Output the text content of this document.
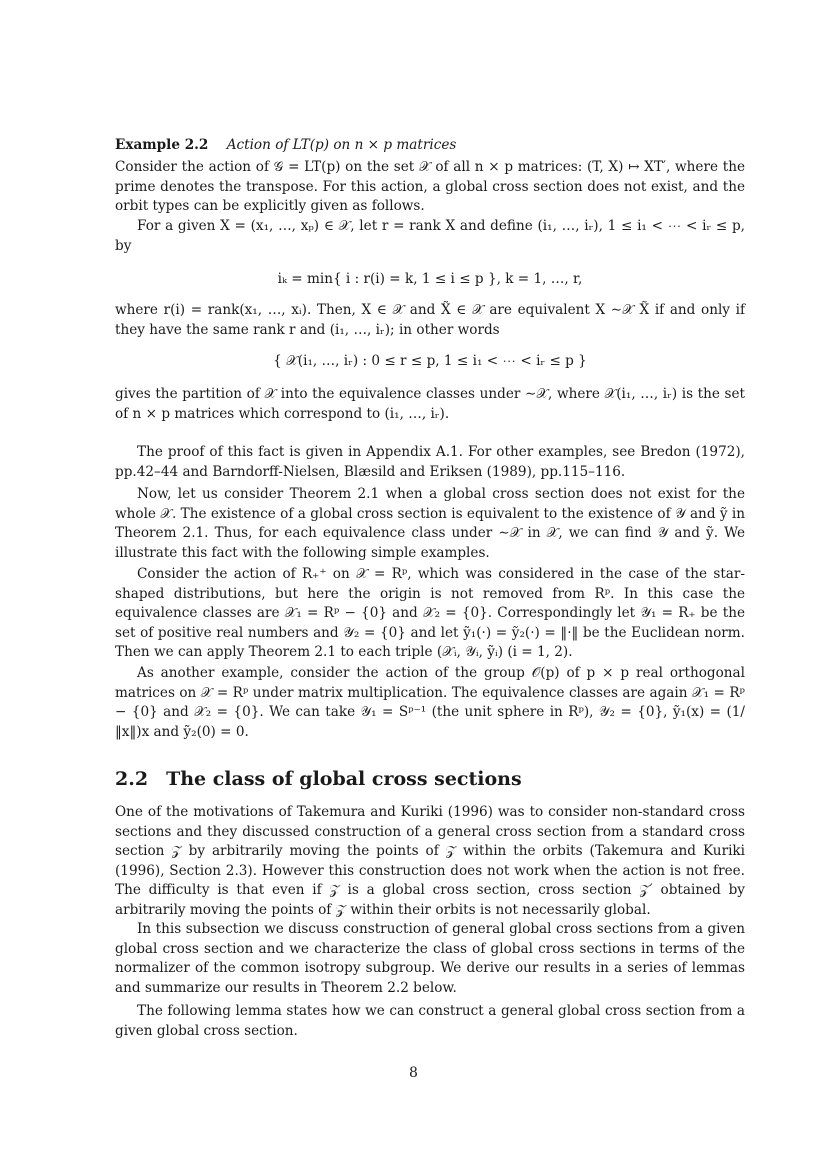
Example 2.2 Action of LT(p) on n × p matrices

Consider the action of 𝒢 = LT(p) on the set 𝒳 of all n × p matrices: (T, X) ↦ XT′, where the prime denotes the transpose. For this action, a global cross section does not exist, and the orbit types can be explicitly given as follows.

For a given X = (x₁, …, xₚ) ∈ 𝒳, let r = rank X and define (i₁, …, iᵣ), 1 ≤ i₁ < ⋯ < iᵣ ≤ p, by

iₖ = min{ i : r(i) = k, 1 ≤ i ≤ p }, k = 1, …, r,

where r(i) = rank(x₁, …, xᵢ). Then, X ∈ 𝒳 and X̃ ∈ 𝒳 are equivalent X ∼𝒳 X̃ if and only if they have the same rank r and (i₁, …, iᵣ); in other words

{ 𝒳(i₁, …, iᵣ) : 0 ≤ r ≤ p, 1 ≤ i₁ < ⋯ < iᵣ ≤ p }

gives the partition of 𝒳 into the equivalence classes under ∼𝒳, where 𝒳(i₁, …, iᵣ) is the set of n × p matrices which correspond to (i₁, …, iᵣ).

The proof of this fact is given in Appendix A.1. For other examples, see Bredon (1972), pp.42–44 and Barndorff-Nielsen, Blæsild and Eriksen (1989), pp.115–116.

Now, let us consider Theorem 2.1 when a global cross section does not exist for the whole 𝒳. The existence of a global cross section is equivalent to the existence of 𝒴 and ỹ in Theorem 2.1. Thus, for each equivalence class under ∼𝒳 in 𝒳, we can find 𝒴 and ỹ. We illustrate this fact with the following simple examples.

Consider the action of R₊⁺ on 𝒳 = Rᵖ, which was considered in the case of the star-shaped distributions, but here the origin is not removed from Rᵖ. In this case the equivalence classes are 𝒳₁ = Rᵖ − {0} and 𝒳₂ = {0}. Correspondingly let 𝒴₁ = R₊ be the set of positive real numbers and 𝒴₂ = {0} and let ỹ₁(·) = ỹ₂(·) = ‖·‖ be the Euclidean norm. Then we can apply Theorem 2.1 to each triple (𝒳ᵢ, 𝒴ᵢ, ỹᵢ) (i = 1, 2).

As another example, consider the action of the group 𝒪(p) of p × p real orthogonal matrices on 𝒳 = Rᵖ under matrix multiplication. The equivalence classes are again 𝒳₁ = Rᵖ − {0} and 𝒳₂ = {0}. We can take 𝒴₁ = Sᵖ⁻¹ (the unit sphere in Rᵖ), 𝒴₂ = {0}, ỹ₁(x) = (1/‖x‖)x and ỹ₂(0) = 0.

2.2 The class of global cross sections

One of the motivations of Takemura and Kuriki (1996) was to consider non-standard cross sections and they discussed construction of a general cross section from a standard cross section 𝒵 by arbitrarily moving the points of 𝒵 within the orbits (Takemura and Kuriki (1996), Section 2.3). However this construction does not work when the action is not free. The difficulty is that even if 𝒵 is a global cross section, cross section 𝒵′ obtained by arbitrarily moving the points of 𝒵 within their orbits is not necessarily global.

In this subsection we discuss construction of general global cross sections from a given global cross section and we characterize the class of global cross sections in terms of the normalizer of the common isotropy subgroup. We derive our results in a series of lemmas and summarize our results in Theorem 2.2 below.

The following lemma states how we can construct a general global cross section from a given global cross section.

8
